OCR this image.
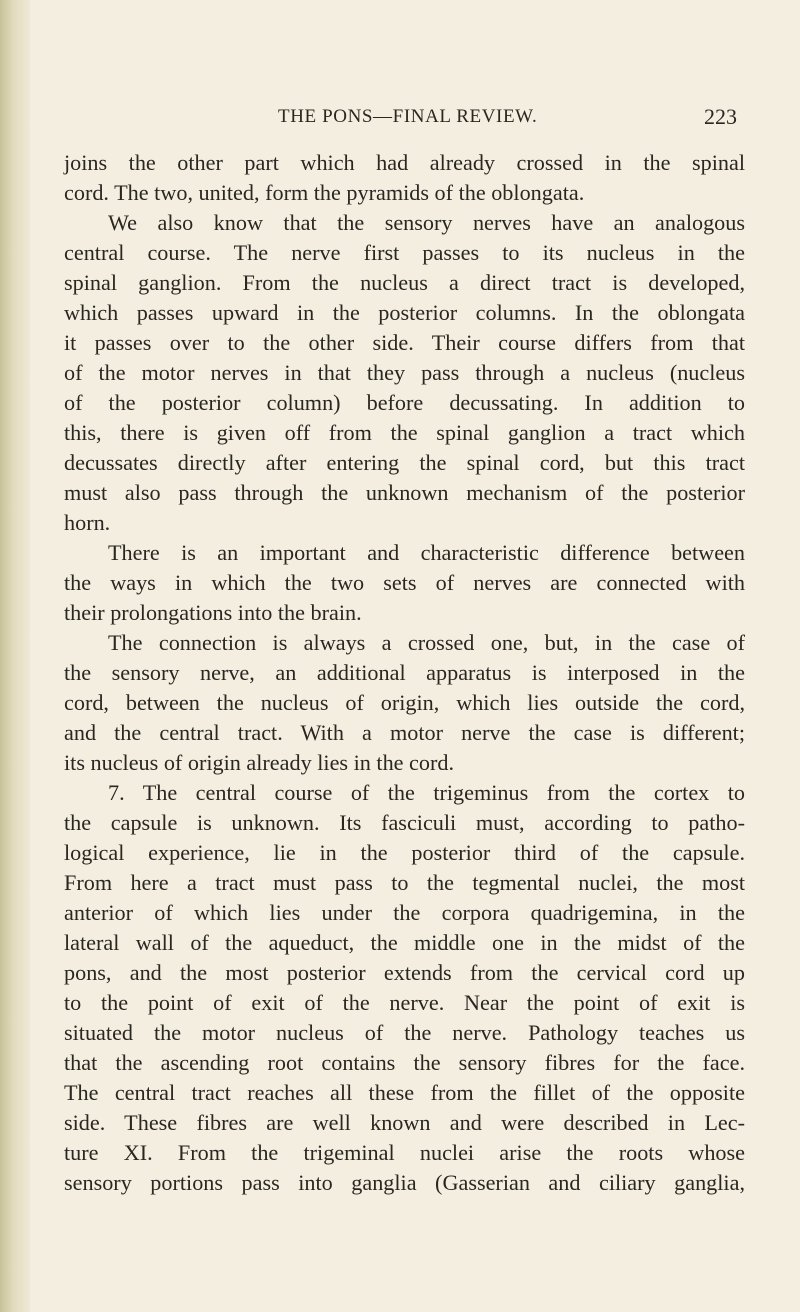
THE PONS—FINAL REVIEW.	223
joins the other part which had already crossed in the spinal
cord. The two, united, form the pyramids of the oblongata.
We also know that the sensory nerves have an analogous
central course. The nerve first passes to its nucleus in the
spinal ganglion. From the nucleus a direct tract is developed,
which passes upward in the posterior columns. In the oblongata
it passes over to the other side. Their course differs from that
of the motor nerves in that they pass through a nucleus (nucleus
of the posterior column) before decussating. In addition to
this, there is given off from the spinal ganglion a tract which
decussates directly after entering the spinal cord, but this tract
must also pass through the unknown mechanism of the posterior
horn.
There is an important and characteristic difference between
the ways in which the two sets of nerves are connected with
their prolongations into the brain.
The connection is always a crossed one, but, in the case of
the sensory nerve, an additional apparatus is interposed in the
cord, between the nucleus of origin, which lies outside the cord,
and the central tract. With a motor nerve the case is different;
its nucleus of origin already lies in the cord.
7. The central course of the trigeminus from the cortex to
the capsule is unknown. Its fasciculi must, according to patho-
logical experience, lie in the posterior third of the capsule.
From here a tract must pass to the tegmental nuclei, the most
anterior of which lies under the corpora quadrigemina, in the
lateral wall of the aqueduct, the middle one in the midst of the
pons, and the most posterior extends from the cervical cord up
to the point of exit of the nerve. Near the point of exit is
situated the motor nucleus of the nerve. Pathology teaches us
that the ascending root contains the sensory fibres for the face.
The central tract reaches all these from the fillet of the opposite
side. These fibres are well known and were described in Lec-
ture XI. From the trigeminal nuclei arise the roots whose
sensory portions pass into ganglia (Gasserian and ciliary ganglia,
